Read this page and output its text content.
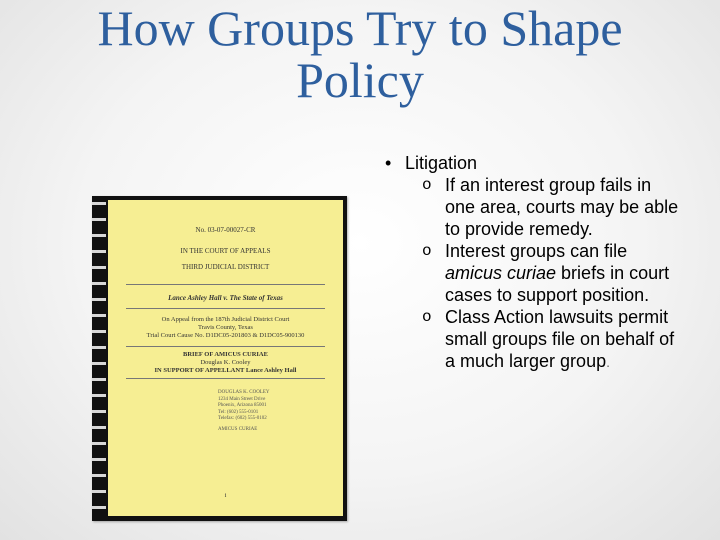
How Groups Try to Shape
Policy
No. 03-07-00027-CR
IN THE COURT OF APPEALS
THIRD JUDICIAL DISTRICT
Lance Ashley Hall v. The State of Texas
On Appeal from the 187th Judicial District Court
Travis County, Texas
Trial Court Cause No. D1DC05-201803 & D1DC05-900130
BRIEF OF AMICUS CURIAE
Douglas K. Cooley
IN SUPPORT OF APPELLANT Lance Ashley Hall
DOUGLAS K. COOLEY
1234 Main Street Drive
Phoenix, Arizona 85001
Tel: (602) 555-0101
Telefax: (602) 555-0102
AMICUS CURIAE
i
• Litigation
o If an interest group fails in one area, courts may be able to provide remedy.
o Interest groups can file amicus curiae briefs in court cases to support position.
o Class Action lawsuits permit small groups file on behalf of a much larger group.
